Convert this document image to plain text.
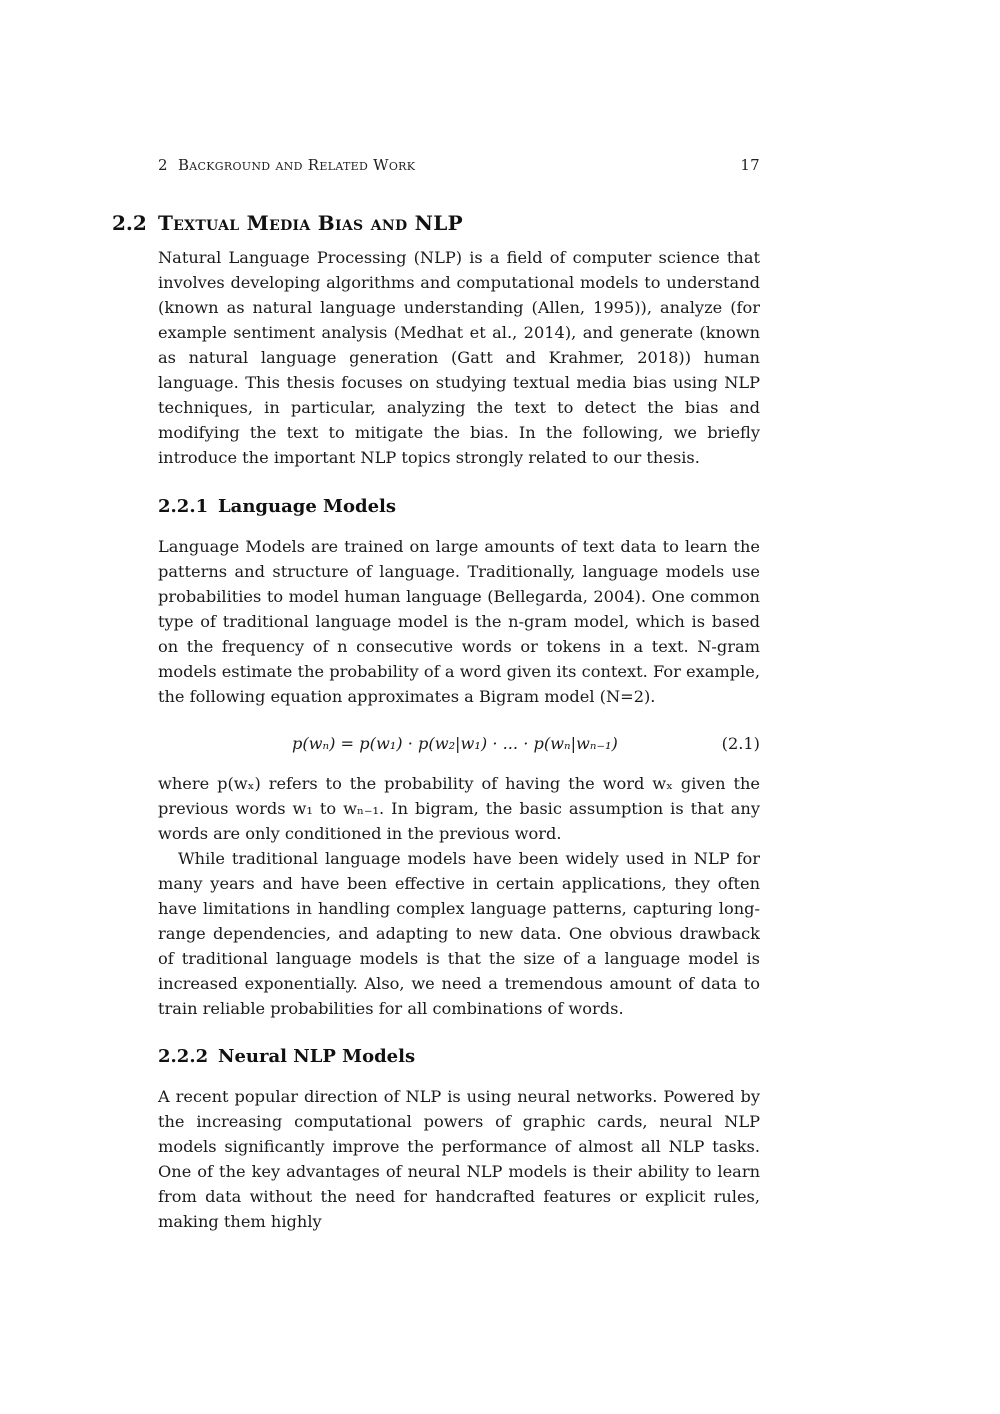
2 Background and Related Work	17
2.2 Textual Media Bias and NLP

Natural Language Processing (NLP) is a field of computer science that involves developing algorithms and computational models to understand (known as natural language understanding (Allen, 1995)), analyze (for example sentiment analysis (Medhat et al., 2014), and generate (known as natural language generation (Gatt and Krahmer, 2018)) human language. This thesis focuses on studying textual media bias using NLP techniques, in particular, analyzing the text to detect the bias and modifying the text to mitigate the bias. In the following, we briefly introduce the important NLP topics strongly related to our thesis.

2.2.1 Language Models

Language Models are trained on large amounts of text data to learn the patterns and structure of language. Traditionally, language models use probabilities to model human language (Bellegarda, 2004). One common type of traditional language model is the n-gram model, which is based on the frequency of n consecutive words or tokens in a text. N-gram models estimate the probability of a word given its context. For example, the following equation approximates a Bigram model (N=2).

p(wₙ) = p(w₁) · p(w₂|w₁) · ... · p(wₙ|wₙ₋₁)	(2.1)

where p(wₓ) refers to the probability of having the word wₓ given the previous words w₁ to wₙ₋₁. In bigram, the basic assumption is that any words are only conditioned in the previous word.

While traditional language models have been widely used in NLP for many years and have been effective in certain applications, they often have limitations in handling complex language patterns, capturing long-range dependencies, and adapting to new data. One obvious drawback of traditional language models is that the size of a language model is increased exponentially. Also, we need a tremendous amount of data to train reliable probabilities for all combinations of words.

2.2.2 Neural NLP Models

A recent popular direction of NLP is using neural networks. Powered by the increasing computational powers of graphic cards, neural NLP models significantly improve the performance of almost all NLP tasks. One of the key advantages of neural NLP models is their ability to learn from data without the need for handcrafted features or explicit rules, making them highly
